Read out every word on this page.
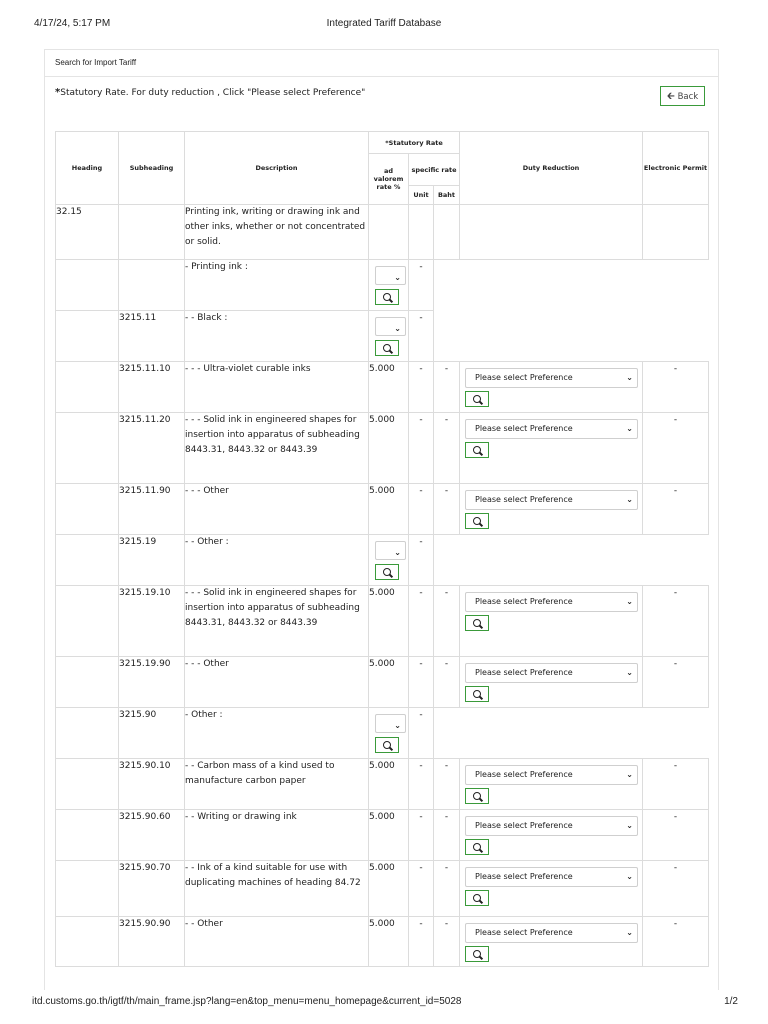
4/17/24, 5:17 PM	Integrated Tariff Database
Search for Import Tariff
*Statutory Rate. For duty reduction , Click "Please select Preference"	🡰 Back
Heading	Subheading	Description	*Statutory Rate			Duty Reduction	Electronic Permit
			ad valorem rate %	specific rate			
				Unit	Baht		
32.15		Printing ink, writing or drawing ink and other inks, whether or not concentrated or solid.					
		- Printing ink :	⌄	-			
	3215.11	- - Black :	⌄	-			
	3215.11.10	- - - Ultra-violet curable inks	5.000	-	-	Please select Preference ⌄	-
	3215.11.20	- - - Solid ink in engineered shapes for insertion into apparatus of subheading 8443.31, 8443.32 or 8443.39	5.000	-	-	Please select Preference ⌄	-
	3215.11.90	- - - Other	5.000	-	-	Please select Preference ⌄	-
	3215.19	- - Other :	⌄	-			
	3215.19.10	- - - Solid ink in engineered shapes for insertion into apparatus of subheading 8443.31, 8443.32 or 8443.39	5.000	-	-	Please select Preference ⌄	-
	3215.19.90	- - - Other	5.000	-	-	Please select Preference ⌄	-
	3215.90	- Other :	⌄	-			
	3215.90.10	- - Carbon mass of a kind used to manufacture carbon paper	5.000	-	-	Please select Preference ⌄	-
	3215.90.60	- - Writing or drawing ink	5.000	-	-	Please select Preference ⌄	-
	3215.90.70	- - Ink of a kind suitable for use with duplicating machines of heading 84.72	5.000	-	-	Please select Preference ⌄	-
	3215.90.90	- - Other	5.000	-	-	Please select Preference ⌄	-
itd.customs.go.th/igtf/th/main_frame.jsp?lang=en&top_menu=menu_homepage&current_id=5028	1/2
